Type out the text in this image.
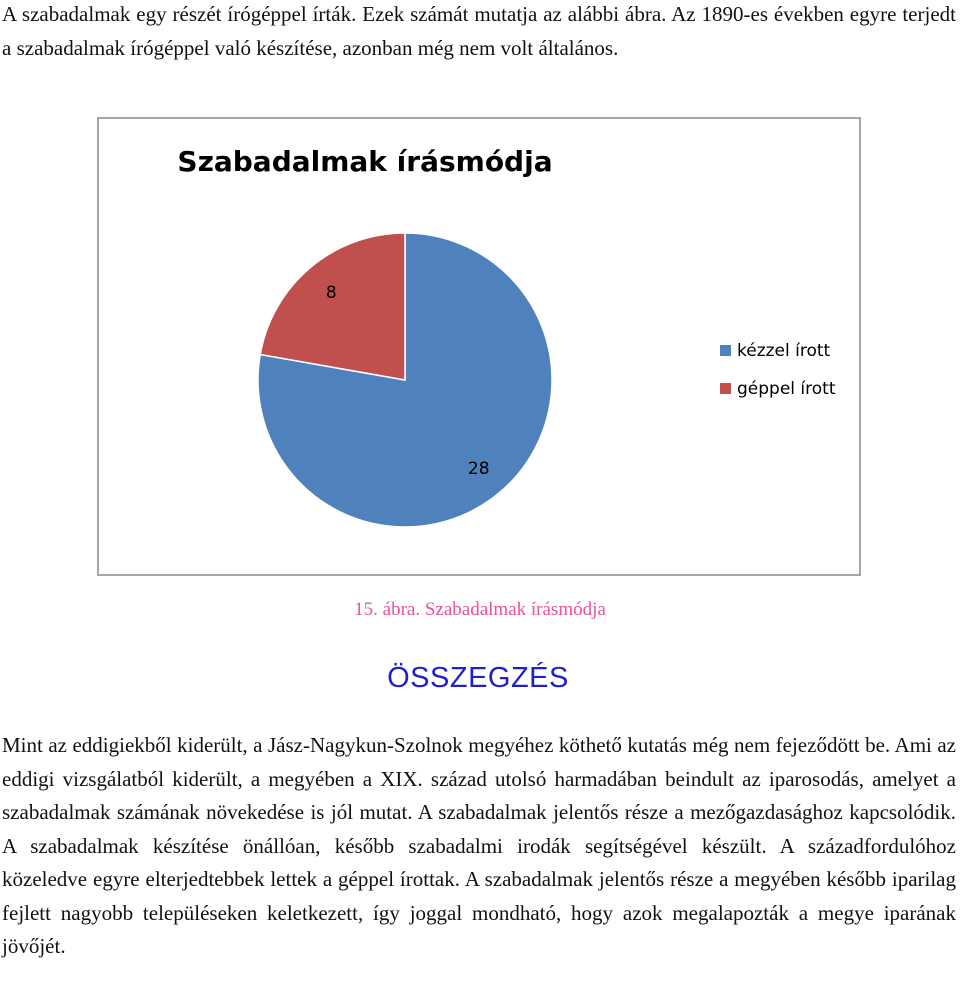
A szabadalmak egy részét írógéppel írták. Ezek számát mutatja az alábbi ábra. Az 1890-es években egyre terjedt a szabadalmak írógéppel való készítése, azonban még nem volt általános.

Szabadalmak írásmódja
28
8
kézzel írott
géppel írott
15. ábra. Szabadalmak írásmódja
ÖSSZEGZÉS

Mint az eddigiekből kiderült, a Jász-Nagykun-Szolnok megyéhez köthető kutatás még nem fejeződött be. Ami az eddigi vizsgálatból kiderült, a megyében a XIX. század utolsó harmadában beindult az iparosodás, amelyet a szabadalmak számának növekedése is jól mutat. A szabadalmak jelentős része a mezőgazdasághoz kapcsolódik. A szabadalmak készítése önállóan, később szabadalmi irodák segítségével készült. A századfordulóhoz közeledve egyre elterjedtebbek lettek a géppel írottak. A szabadalmak jelentős része a megyében később iparilag fejlett nagyobb településeken keletkezett, így joggal mondható, hogy azok megalapozták a megye iparának jövőjét.
